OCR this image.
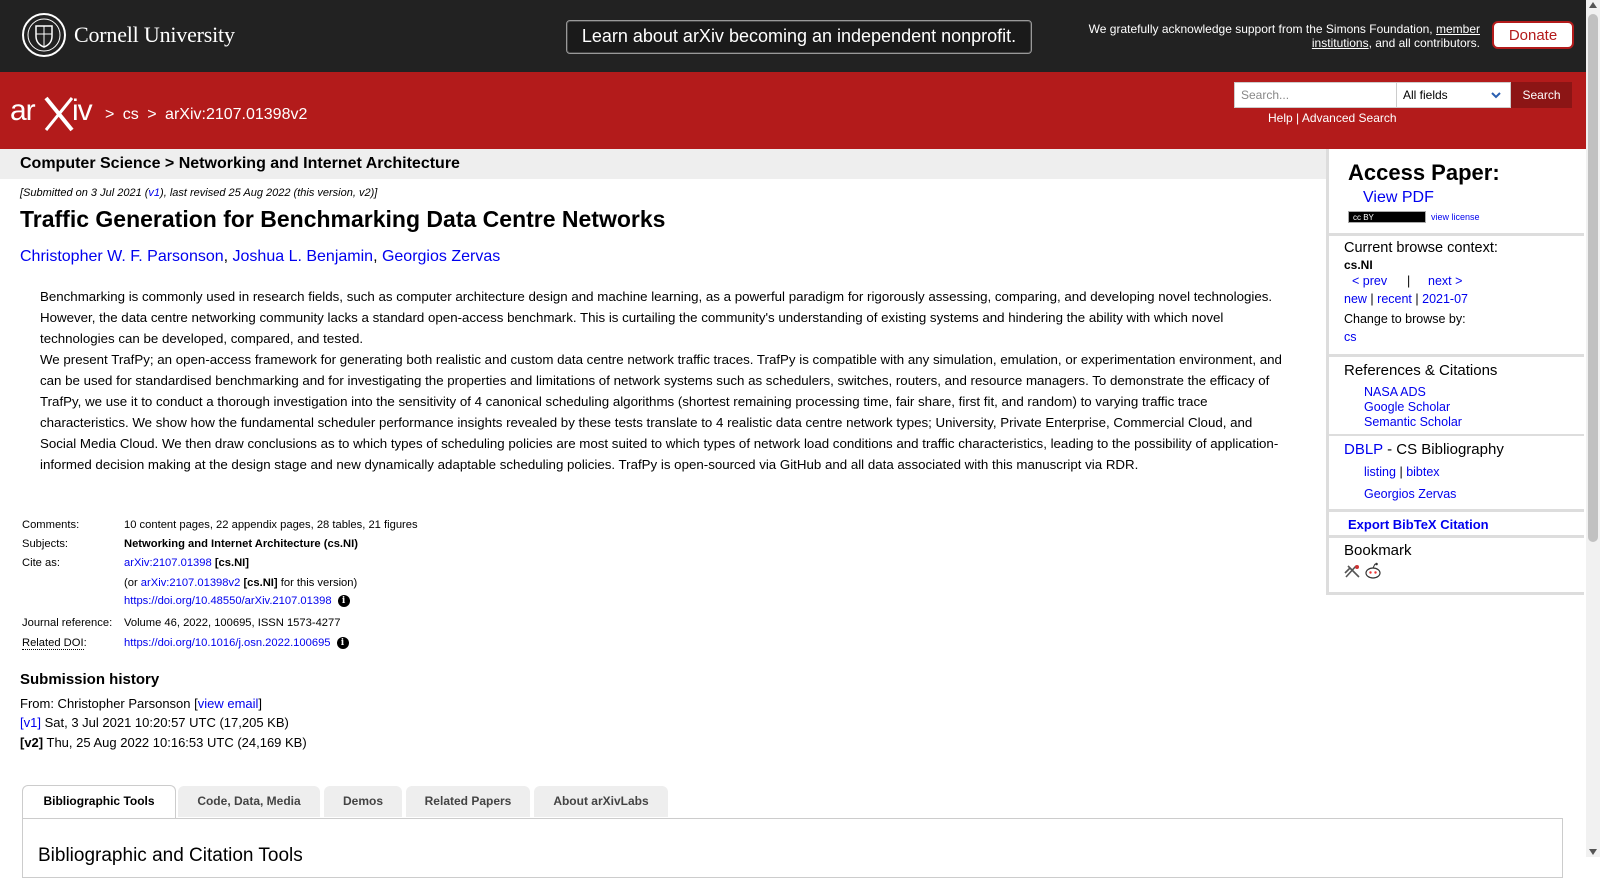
Cornell University	Learn about arXiv becoming an independent nonprofit.	We gratefully acknowledge support from the Simons Foundation, member institutions, and all contributors.	Donate
ar iv > cs > arXiv:2107.01398v2
Search...	All fields	Search
Help | Advanced Search
Computer Science > Networking and Internet Architecture
[Submitted on 3 Jul 2021 (v1), last revised 25 Aug 2022 (this version, v2)]
Traffic Generation for Benchmarking Data Centre Networks
Christopher W. F. Parsonson, Joshua L. Benjamin, Georgios Zervas

Benchmarking is commonly used in research fields, such as computer architecture design and machine learning, as a powerful paradigm for rigorously assessing, comparing, and developing novel technologies. However, the data centre networking community lacks a standard open-access benchmark. This is curtailing the community's understanding of existing systems and hindering the ability with which novel technologies can be developed, compared, and tested.

We present TrafPy; an open-access framework for generating both realistic and custom data centre network traffic traces. TrafPy is compatible with any simulation, emulation, or experimentation environment, and can be used for standardised benchmarking and for investigating the properties and limitations of network systems such as schedulers, switches, routers, and resource managers. To demonstrate the efficacy of TrafPy, we use it to conduct a thorough investigation into the sensitivity of 4 canonical scheduling algorithms (shortest remaining processing time, fair share, first fit, and random) to varying traffic trace characteristics. We show how the fundamental scheduler performance insights revealed by these tests translate to 4 realistic data centre network types; University, Private Enterprise, Commercial Cloud, and Social Media Cloud. We then draw conclusions as to which types of scheduling policies are most suited to which types of network load conditions and traffic characteristics, leading to the possibility of application-informed decision making at the design stage and new dynamically adaptable scheduling policies. TrafPy is open-sourced via GitHub and all data associated with this manuscript via RDR.

Comments:	10 content pages, 22 appendix pages, 28 tables, 21 figures
Subjects:	Networking and Internet Architecture (cs.NI)
Cite as:	arXiv:2107.01398 [cs.NI]
(or arXiv:2107.01398v2 [cs.NI] for this version)
https://doi.org/10.48550/arXiv.2107.01398 i
Journal reference: Volume 46, 2022, 100695, ISSN 1573-4277
Related DOI:	https://doi.org/10.1016/j.osn.2022.100695 i
Submission history
From: Christopher Parsonson [view email]
[v1] Sat, 3 Jul 2021 10:20:57 UTC (17,205 KB)
[v2] Thu, 25 Aug 2022 10:16:53 UTC (24,169 KB)
Bibliographic Tools	Code, Data, Media	Demos	Related Papers	About arXivLabs
Bibliographic and Citation Tools
Access Paper:
View PDF
cc BY	view license
Current browse context:
cs.NI
< prev | next >
new | recent | 2021-07
Change to browse by:
cs
References & Citations
NASA ADS
Google Scholar
Semantic Scholar
DBLP - CS Bibliography
listing | bibtex
Georgios Zervas
Export BibTeX Citation
Bookmark
